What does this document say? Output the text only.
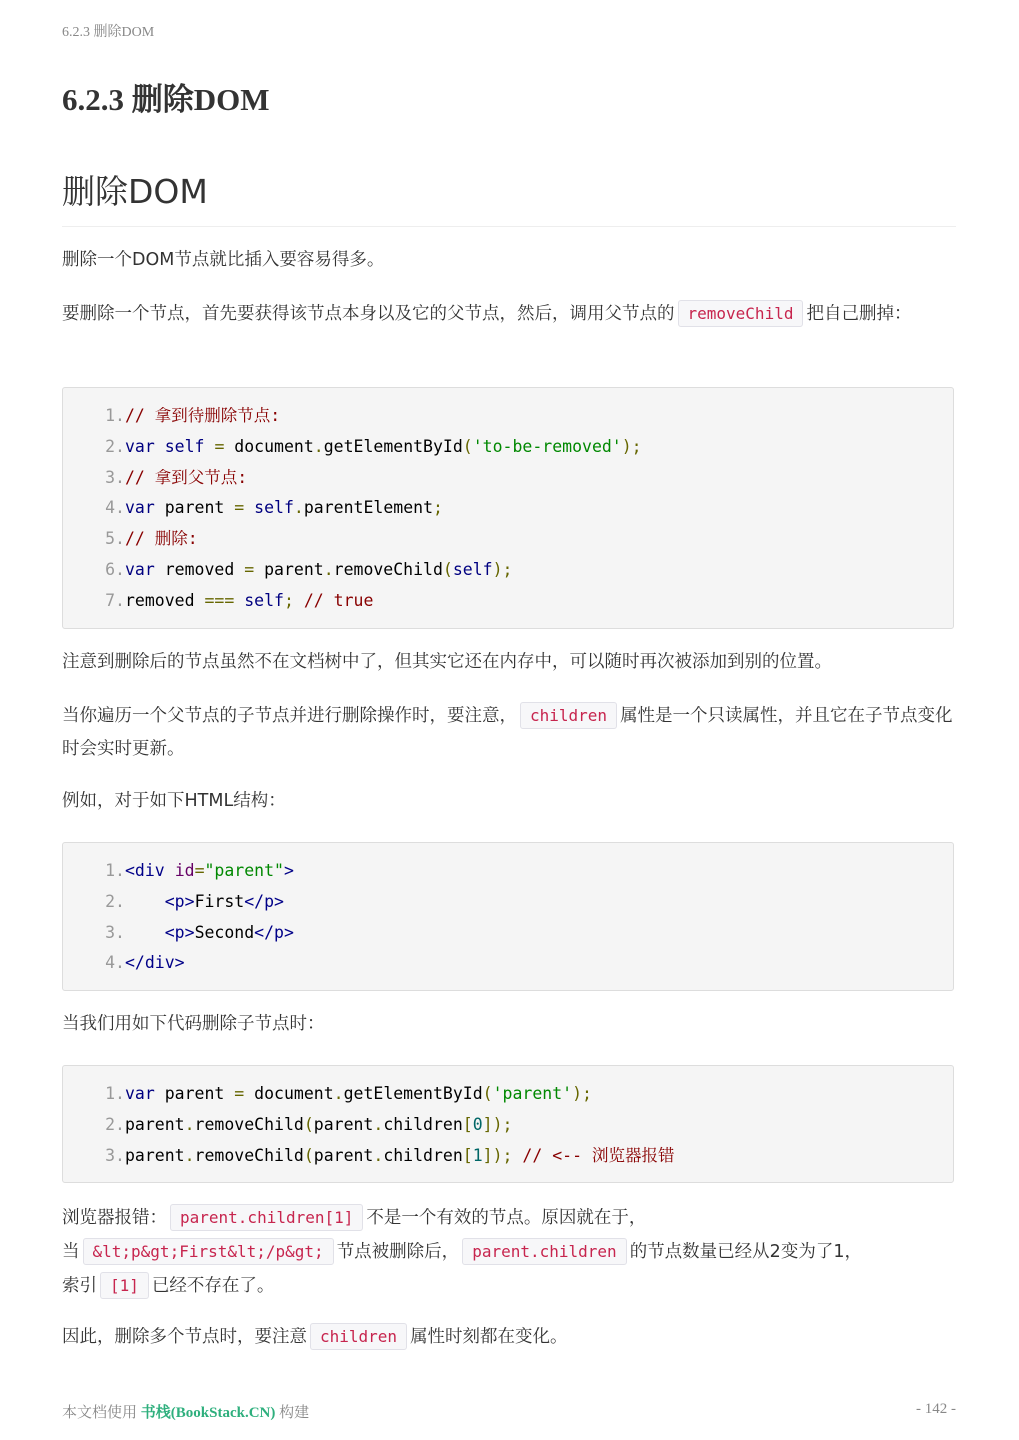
6.2.3 删除DOM
6.2.3 删除DOM
删除DOM

删除一个DOM节点就比插入要容易得多。

要删除一个节点，首先要获得该节点本身以及它的父节点，然后，调用父节点的 removeChild 把自己删掉：

1. // 拿到待删除节点:
2. var self = document.getElementById('to-be-removed');
3. // 拿到父节点:
4. var parent = self.parentElement;
5. // 删除:
6. var removed = parent.removeChild(self);
7. removed === self; // true

注意到删除后的节点虽然不在文档树中了，但其实它还在内存中，可以随时再次被添加到别的位置。

当你遍历一个父节点的子节点并进行删除操作时，要注意， children 属性是一个只读属性，并且它在子节点变化时会实时更新。

例如，对于如下HTML结构：

1. <div id="parent">
2.	<p>First</p>
3.	<p>Second</p>
4. </div>

当我们用如下代码删除子节点时：

1. var parent = document.getElementById('parent');
2. parent.removeChild(parent.children[0]);
3. parent.removeChild(parent.children[1]); // <-- 浏览器报错

浏览器报错： parent.children[1] 不是一个有效的节点。原因就在于，
当 &lt;p&gt;First&lt;/p&gt; 节点被删除后， parent.children 的节点数量已经从2变为了1，
索引 [1] 已经不存在了。

因此，删除多个节点时，要注意 children 属性时刻都在变化。

本文档使用 书栈(BookStack.CN) 构建	- 142 -
